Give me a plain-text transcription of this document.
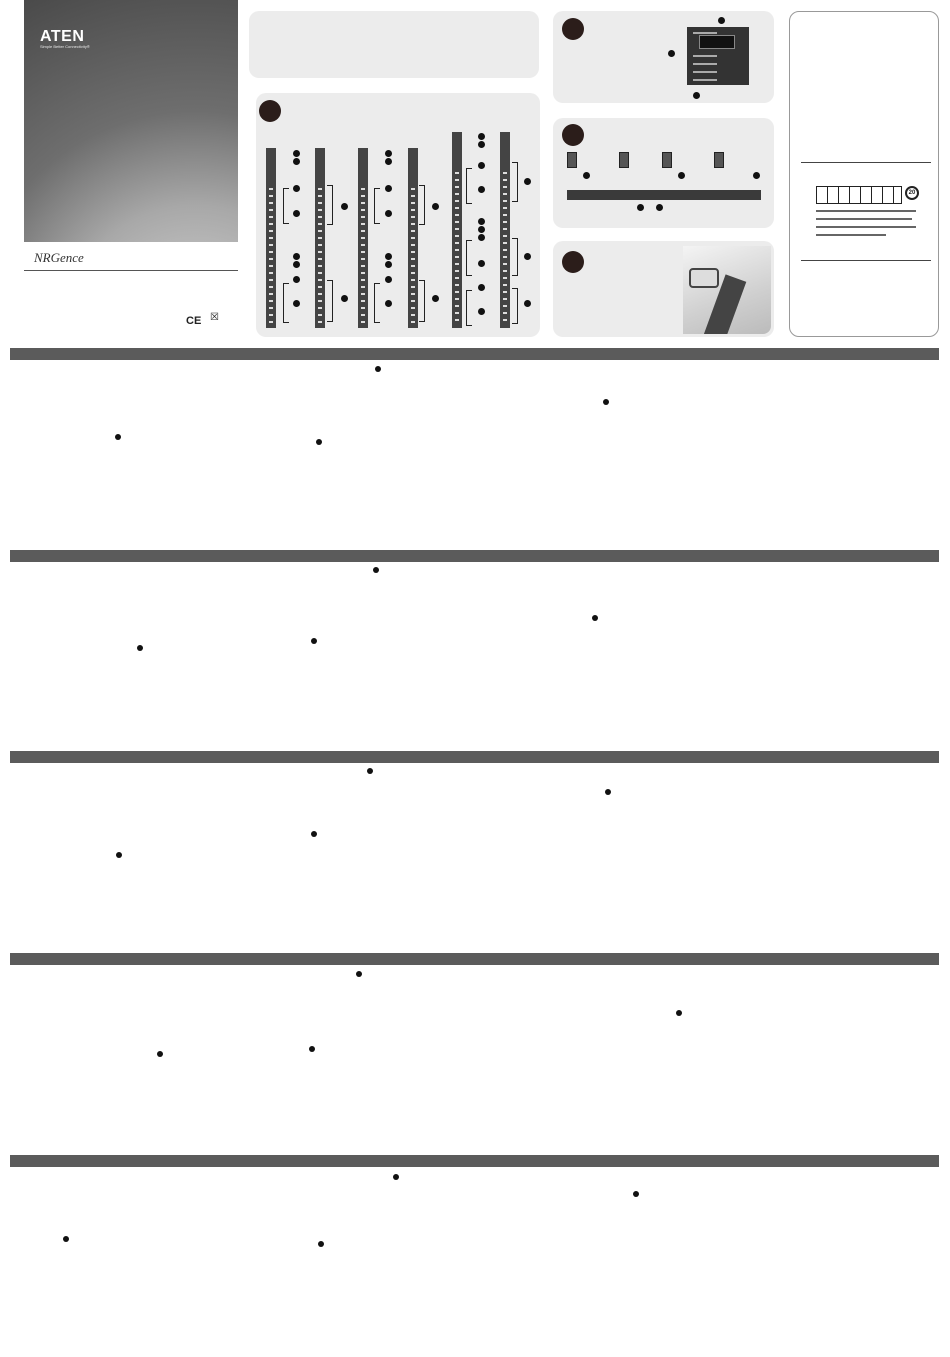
ATEN
Simple Better Connectivity®
NRGence
CE ☒
20
